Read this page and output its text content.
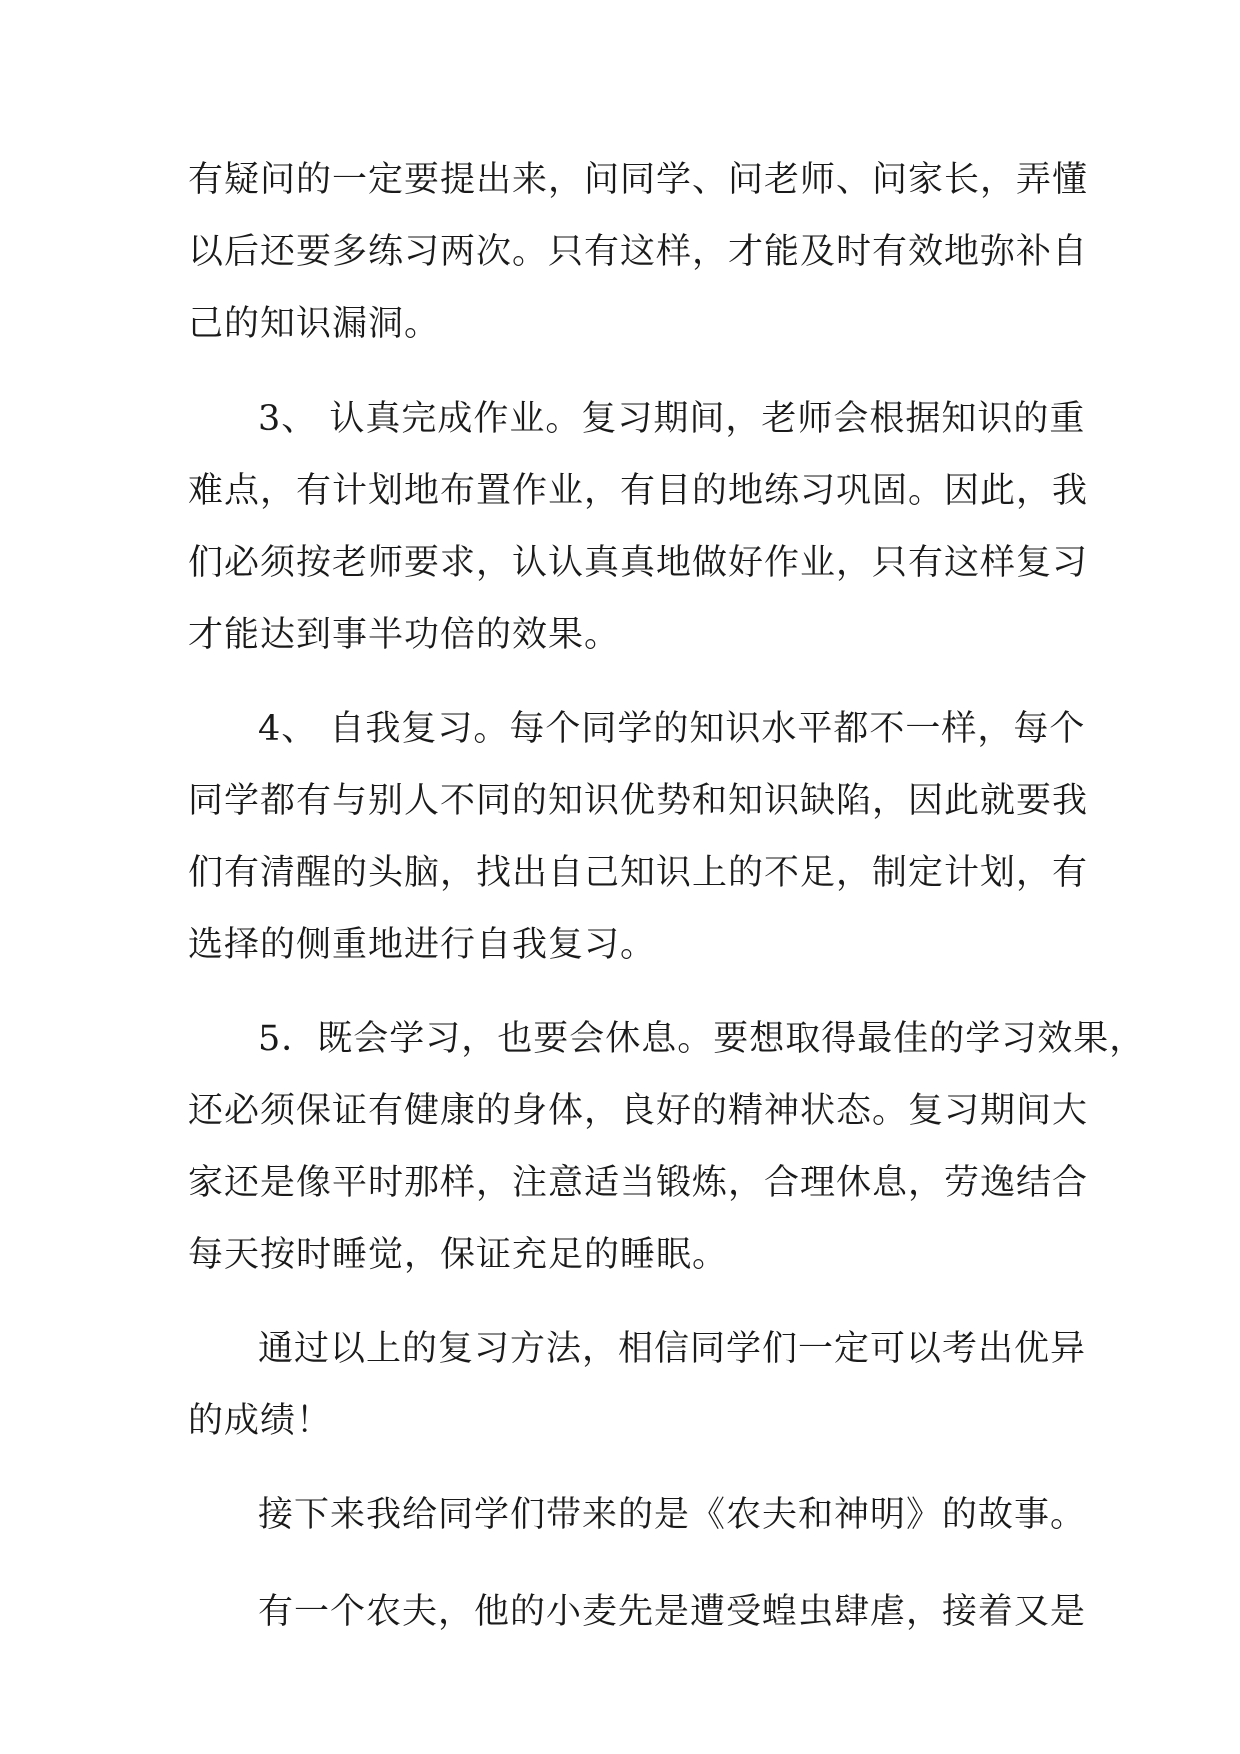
有疑问的一定要提出来，问同学、问老师、问家长，弄懂
以后还要多练习两次。只有这样，才能及时有效地弥补自
己的知识漏洞。
3、 认真完成作业。复习期间，老师会根据知识的重
难点，有计划地布置作业，有目的地练习巩固。因此，我
们必须按老师要求，认认真真地做好作业，只有这样复习
才能达到事半功倍的效果。
4、 自我复习。每个同学的知识水平都不一样，每个
同学都有与别人不同的知识优势和知识缺陷，因此就要我
们有清醒的头脑，找出自己知识上的不足，制定计划，有
选择的侧重地进行自我复习。
5．既会学习，也要会休息。要想取得最佳的学习效果，
还必须保证有健康的身体，良好的精神状态。复习期间大
家还是像平时那样，注意适当锻炼，合理休息，劳逸结合
每天按时睡觉，保证充足的睡眠。
通过以上的复习方法，相信同学们一定可以考出优异
的成绩！
接下来我给同学们带来的是《农夫和神明》的故事。
有一个农夫，他的小麦先是遭受蝗虫肆虐，接着又是
